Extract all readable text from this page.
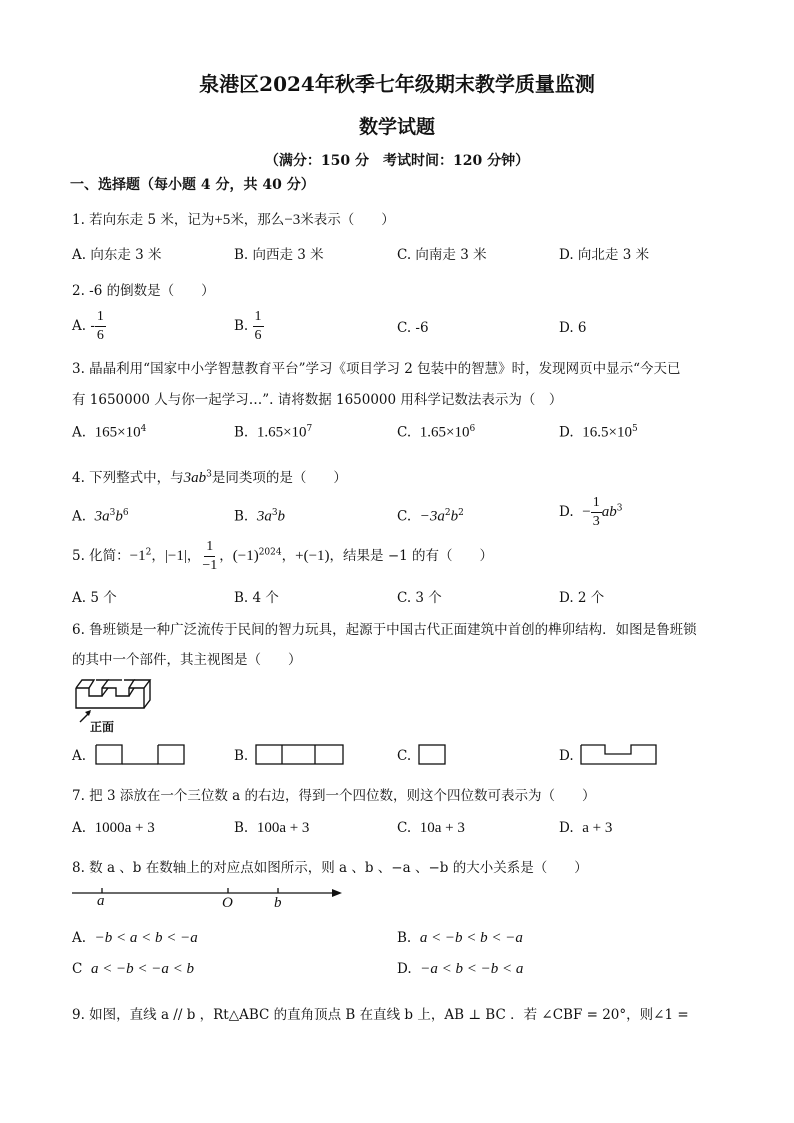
泉港区2024年秋季七年级期末教学质量监测
数学试题
（满分：150 分　考试时间：120 分钟）
一、选择题（每小题 4 分，共 40 分）
1. 若向东走 5 米，记为+5米，那么−3米表示（　　）
A. 向东走 3 米	B. 向西走 3 米	C. 向南走 3 米	D. 向北走 3 米
2. -6 的倒数是（　　）
A. - $\frac{1}{6}$	B. $\frac{1}{6}$	C. -6	D. 6
3. 晶晶利用“国家中小学智慧教育平台”学习《项目学习 2 包装中的智慧》时，发现网页中显示“今天已
有 1650000 人与你一起学习…”. 请将数据 1650000 用科学记数法表示为（　）
A. $165\times 10^4$	B. $1.65\times 10^7$	C. $1.65\times 10^6$	D. $16.5\times 10^5$
4. 下列整式中，与$3ab^3$是同类项的是（　　）
A. $3a^3b^6$	B. $3a^3b$	C. $-3a^2b^2$	D. − $\frac{1}{3} ab^3$
5. 化简：$-1^2$，|−1|， $\frac{1}{-1}$ ，$(-1)^{2024}$，+(−1)，结果是 −1 的有（　　）
A. 5 个	B. 4 个	C. 3 个	D. 2 个
6. 鲁班锁是一种广泛流传于民间的智力玩具，起源于中国古代正面建筑中首创的榫卯结构．如图是鲁班锁
的其中一个部件，其主视图是（　　）
正面
A.	B.	C.	D.
7. 把 3 添放在一个三位数 a 的右边，得到一个四位数，则这个四位数可表示为（　　）
A. 1000a + 3	B. 100a + 3	C. 10a + 3	D. a + 3
8. 数 a 、b 在数轴上的对应点如图所示，则 a 、b 、−a 、−b 的大小关系是（　　）
a	O	b
A. −b < a < b < −a	B. a < −b < b < −a
C a < −b < −a < b	D. −a < b < −b < a
9. 如图，直线 a // b ，Rt△ABC 的直角顶点 B 在直线 b 上，AB ⊥ BC ．若 ∠CBF = 20°，则∠1 =
